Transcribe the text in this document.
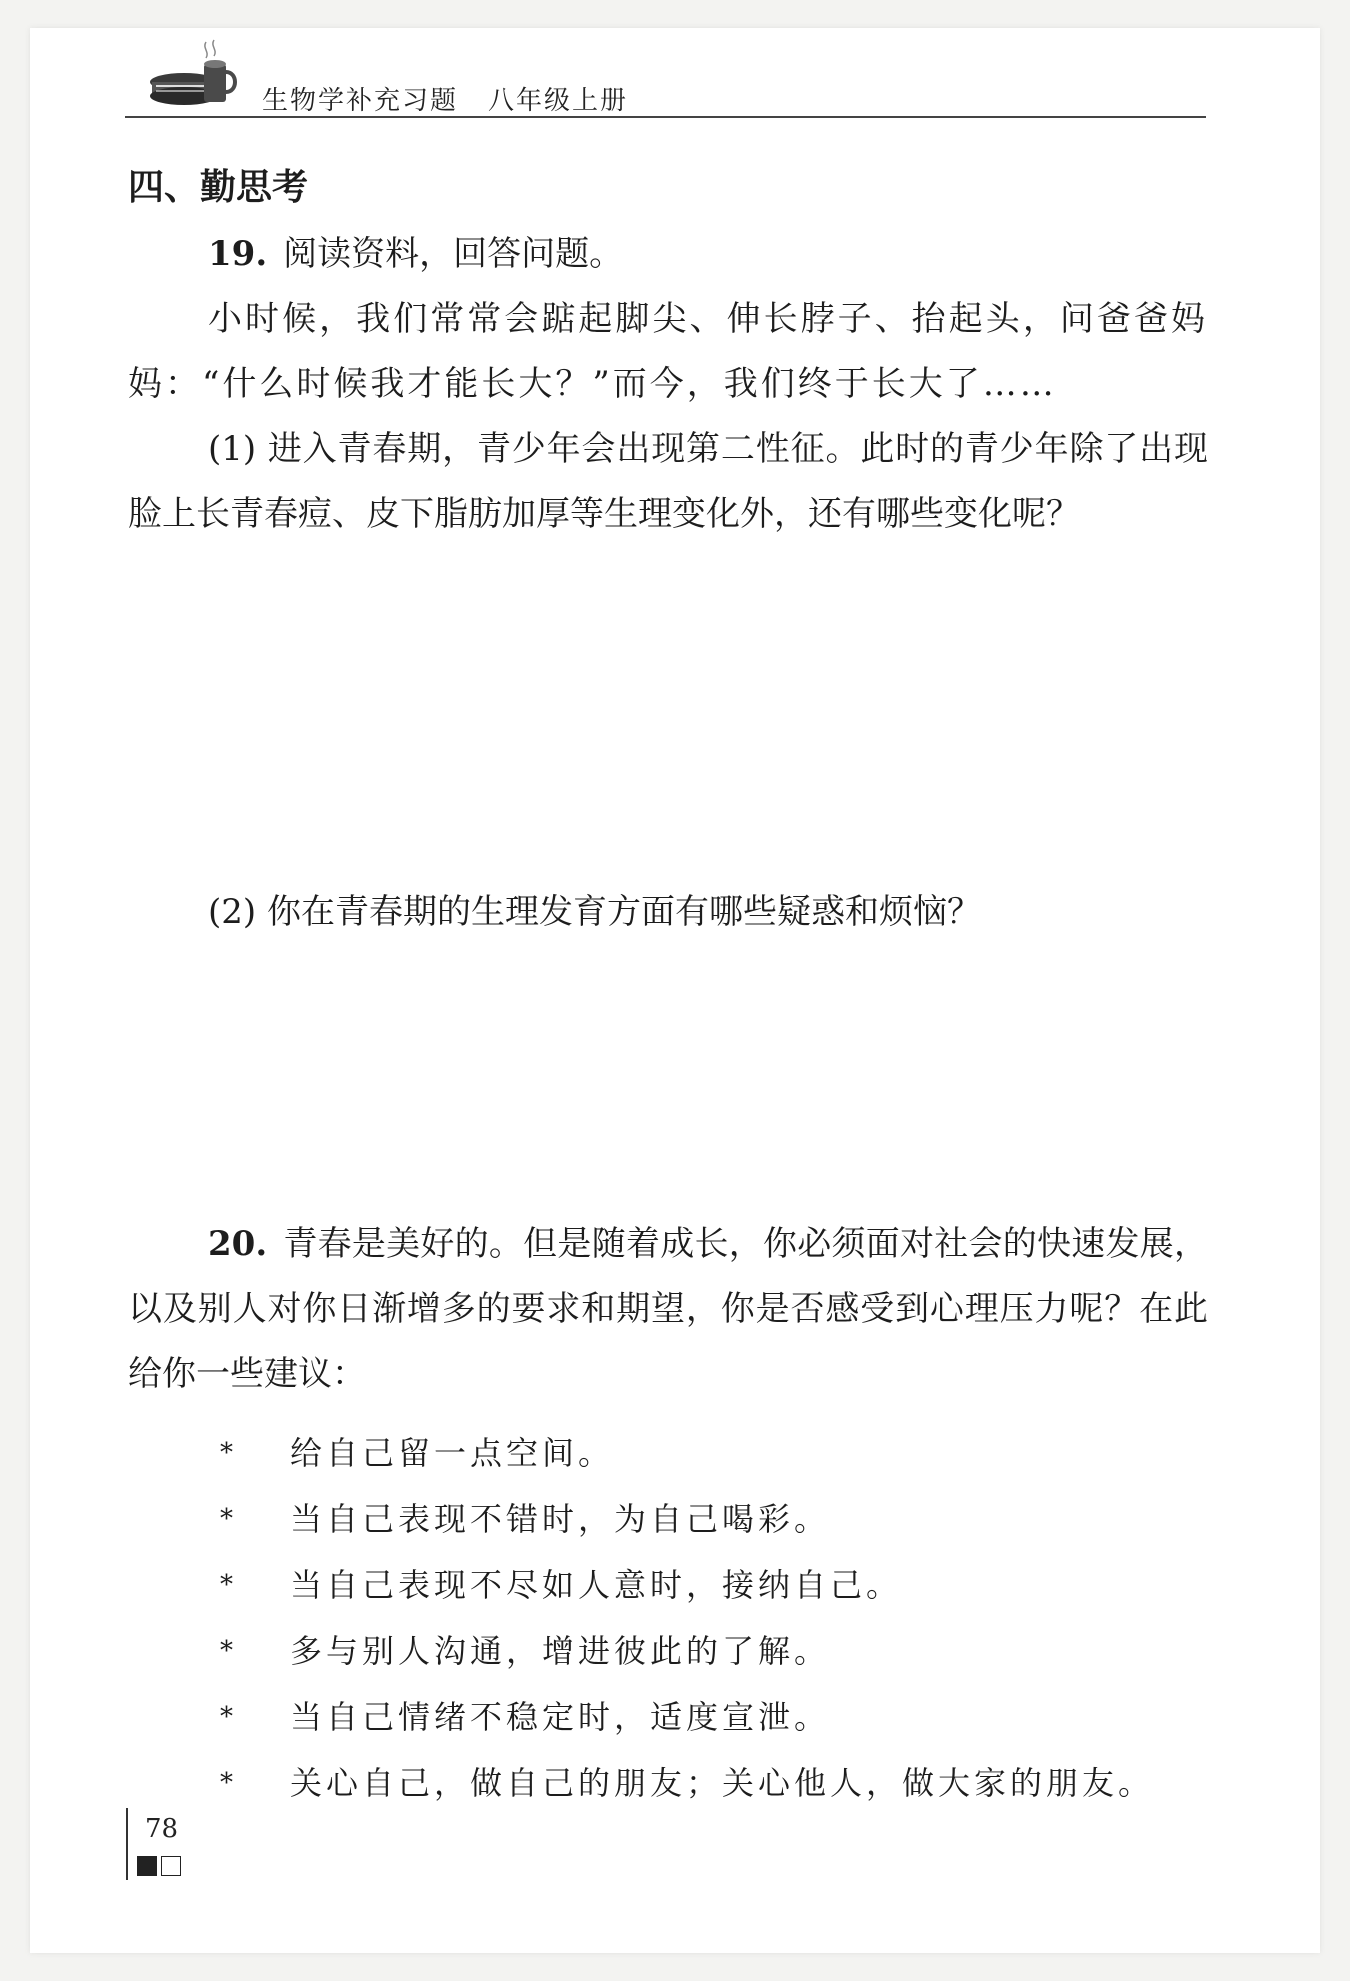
生物学补充习题 八年级上册
四、勤思考

19. 阅读资料，回答问题。

小时候，我们常常会踮起脚尖、伸长脖子、抬起头，问爸爸妈妈：“什么时候我才能长大？”而今，我们终于长大了……

(1) 进入青春期，青少年会出现第二性征。此时的青少年除了出现脸上长青春痘、皮下脂肪加厚等生理变化外，还有哪些变化呢？

(2) 你在青春期的生理发育方面有哪些疑惑和烦恼？

20. 青春是美好的。但是随着成长，你必须面对社会的快速发展，以及别人对你日渐增多的要求和期望，你是否感受到心理压力呢？在此给你一些建议：

* 给自己留一点空间。
* 当自己表现不错时，为自己喝彩。
* 当自己表现不尽如人意时，接纳自己。
* 多与别人沟通，增进彼此的了解。
* 当自己情绪不稳定时，适度宣泄。
* 关心自己，做自己的朋友；关心他人，做大家的朋友。
78
